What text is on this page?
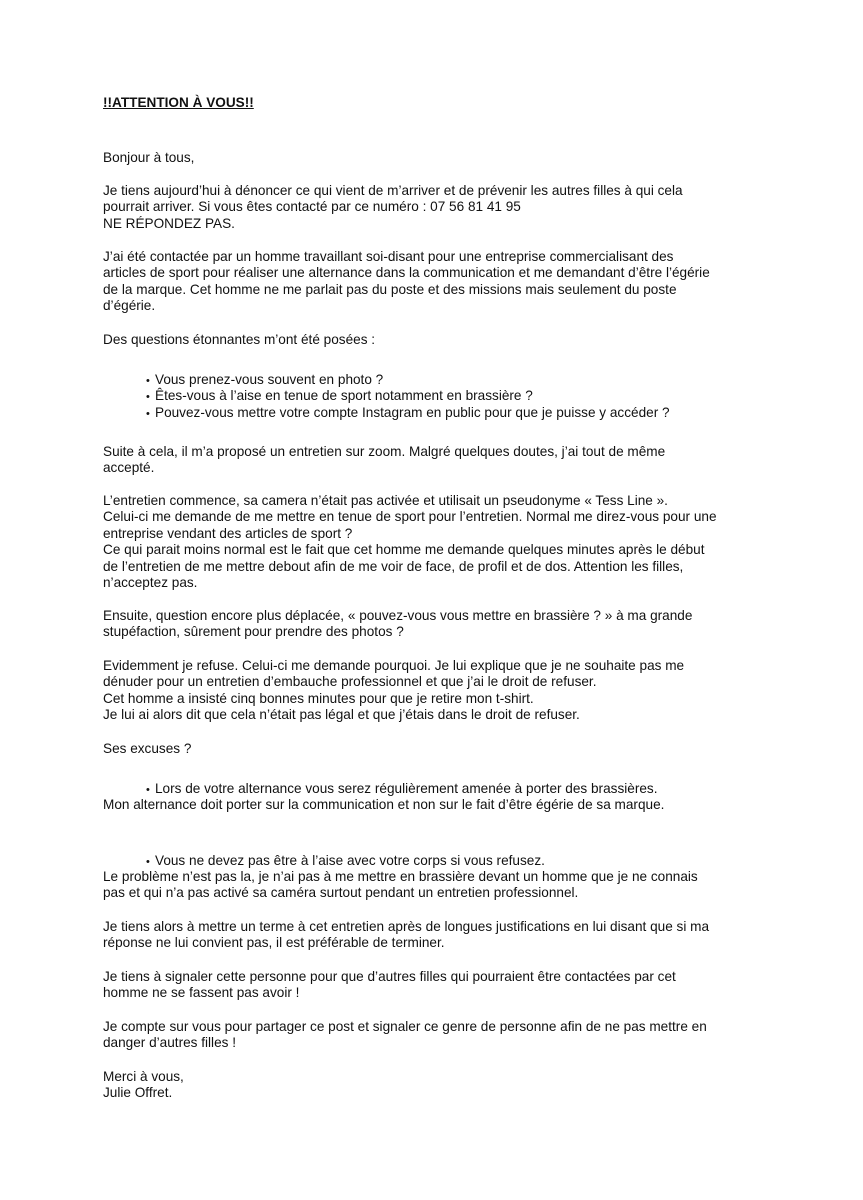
!!ATTENTION À VOUS!!

Bonjour à tous,

Je tiens aujourd’hui à dénoncer ce qui vient de m’arriver et de prévenir les autres filles à qui cela
pourrait arriver. Si vous êtes contacté par ce numéro : 07 56 81 41 95
NE RÉPONDEZ PAS.
J’ai été contactée par un homme travaillant soi-disant pour une entreprise commercialisant des
articles de sport pour réaliser une alternance dans la communication et me demandant d’être l’égérie
de la marque. Cet homme ne me parlait pas du poste et des missions mais seulement du poste
d’égérie.

Des questions étonnantes m’ont été posées :

• Vous prenez-vous souvent en photo ?

• Êtes-vous à l’aise en tenue de sport notamment en brassière ?

• Pouvez-vous mettre votre compte Instagram en public pour que je puisse y accéder ?

Suite à cela, il m’a proposé un entretien sur zoom. Malgré quelques doutes, j’ai tout de même
accepté.
L’entretien commence, sa camera n’était pas activée et utilisait un pseudonyme « Tess Line ».
Celui-ci me demande de me mettre en tenue de sport pour l’entretien. Normal me direz-vous pour une
entreprise vendant des articles de sport ?
Ce qui parait moins normal est le fait que cet homme me demande quelques minutes après le début
de l’entretien de me mettre debout afin de me voir de face, de profil et de dos. Attention les filles,
n’acceptez pas.
Ensuite, question encore plus déplacée, « pouvez-vous vous mettre en brassière ? » à ma grande
stupéfaction, sûrement pour prendre des photos ?
Evidemment je refuse. Celui-ci me demande pourquoi. Je lui explique que je ne souhaite pas me
dénuder pour un entretien d’embauche professionnel et que j’ai le droit de refuser.
Cet homme a insisté cinq bonnes minutes pour que je retire mon t-shirt.
Je lui ai alors dit que cela n’était pas légal et que j’étais dans le droit de refuser.

Ses excuses ?

• Lors de votre alternance vous serez régulièrement amenée à porter des brassières.

Mon alternance doit porter sur la communication et non sur le fait d’être égérie de sa marque.

• Vous ne devez pas être à l’aise avec votre corps si vous refusez.

Le problème n’est pas la, je n’ai pas à me mettre en brassière devant un homme que je ne connais
pas et qui n’a pas activé sa caméra surtout pendant un entretien professionnel.
Je tiens alors à mettre un terme à cet entretien après de longues justifications en lui disant que si ma
réponse ne lui convient pas, il est préférable de terminer.
Je tiens à signaler cette personne pour que d’autres filles qui pourraient être contactées par cet
homme ne se fassent pas avoir !
Je compte sur vous pour partager ce post et signaler ce genre de personne afin de ne pas mettre en
danger d’autres filles !
Merci à vous,
Julie Offret.
